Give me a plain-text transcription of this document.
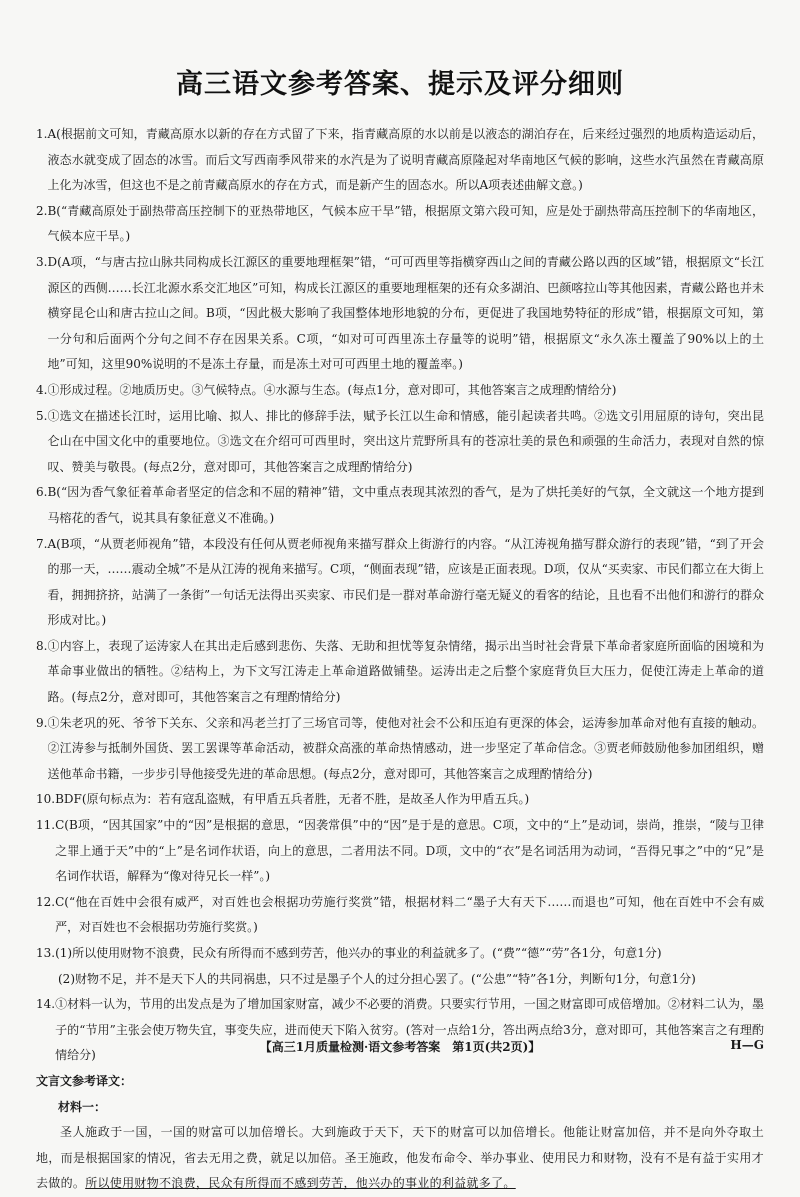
高三语文参考答案、提示及评分细则
1. A(根据前文可知，青藏高原水以新的存在方式留了下来，指青藏高原的水以前是以液态的湖泊存在，后来经过强烈的地质构造运动后，液态水就变成了固态的冰雪。而后文写西南季风带来的水汽是为了说明青藏高原隆起对华南地区气候的影响，这些水汽虽然在青藏高原上化为冰雪，但这也不是之前青藏高原水的存在方式，而是新产生的固态水。所以A项表述曲解文意。)
2. B(“青藏高原处于副热带高压控制下的亚热带地区，气候本应干旱”错，根据原文第六段可知，应是处于副热带高压控制下的华南地区，气候本应干旱。)
3. D(A项，“与唐古拉山脉共同构成长江源区的重要地理框架”错，“可可西里等指横穿西山之间的青藏公路以西的区域”错，根据原文“长江源区的西侧……长江北源水系交汇地区”可知，构成长江源区的重要地理框架的还有众多湖泊、巴颜喀拉山等其他因素，青藏公路也并未横穿昆仑山和唐古拉山之间。B项，“因此极大影响了我国整体地形地貌的分布，更促进了我国地势特征的形成”错，根据原文可知，第一分句和后面两个分句之间不存在因果关系。C项，“如对可可西里冻土存量等的说明”错，根据原文“永久冻土覆盖了90%以上的土地”可知，这里90%说明的不是冻土存量，而是冻土对可可西里土地的覆盖率。)
4. ①形成过程。②地质历史。③气候特点。④水源与生态。(每点1分，意对即可，其他答案言之成理酌情给分)
5. ①选文在描述长江时，运用比喻、拟人、排比的修辞手法，赋予长江以生命和情感，能引起读者共鸣。②选文引用屈原的诗句，突出昆仑山在中国文化中的重要地位。③选文在介绍可可西里时，突出这片荒野所具有的苍凉壮美的景色和顽强的生命活力，表现对自然的惊叹、赞美与敬畏。(每点2分，意对即可，其他答案言之成理酌情给分)
6. B(“因为香气象征着革命者坚定的信念和不屈的精神”错，文中重点表现其浓烈的香气，是为了烘托美好的气氛，全文就这一个地方提到马榕花的香气，说其具有象征意义不准确。)
7. A(B项，“从贾老师视角”错，本段没有任何从贾老师视角来描写群众上街游行的内容。“从江涛视角描写群众游行的表现”错，“到了开会的那一天，……震动全城”不是从江涛的视角来描写。C项，“侧面表现”错，应该是正面表现。D项，仅从“买卖家、市民们都立在大街上看，拥拥挤挤，站满了一条街”一句话无法得出买卖家、市民们是一群对革命游行毫无疑义的看客的结论，且也看不出他们和游行的群众形成对比。)
8. ①内容上，表现了运涛家人在其出走后感到悲伤、失落、无助和担忧等复杂情绪，揭示出当时社会背景下革命者家庭所面临的困境和为革命事业做出的牺牲。②结构上，为下文写江涛走上革命道路做铺垫。运涛出走之后整个家庭背负巨大压力，促使江涛走上革命的道路。(每点2分，意对即可，其他答案言之有理酌情给分)
9. ①朱老巩的死、爷爷下关东、父亲和冯老兰打了三场官司等，使他对社会不公和压迫有更深的体会，运涛参加革命对他有直接的触动。②江涛参与抵制外国货、罢工罢课等革命活动，被群众高涨的革命热情感动，进一步坚定了革命信念。③贾老师鼓励他参加团组织，赠送他革命书籍，一步步引导他接受先进的革命思想。(每点2分，意对即可，其他答案言之成理酌情给分)
10. BDF(原句标点为：若有寇乱盗贼，有甲盾五兵者胜，无者不胜，是故圣人作为甲盾五兵。)
11. C(B项，“因其国家”中的“因”是根据的意思，“因袭常俱”中的“因”是于是的意思。C项，文中的“上”是动词，崇尚，推崇，“陵与卫律之罪上通于天”中的“上”是名词作状语，向上的意思，二者用法不同。D项，文中的“衣”是名词活用为动词，“吾得兄事之”中的“兄”是名词作状语，解释为“像对待兄长一样”。)
12. C(“他在百姓中会很有威严，对百姓也会根据功劳施行奖赏”错，根据材料二“墨子大有天下……而退也”可知，他在百姓中不会有威严，对百姓也不会根据功劳施行奖赏。)
13. (1)所以使用财物不浪费，民众有所得而不感到劳苦，他兴办的事业的利益就多了。(“费”“德”“劳”各1分，句意1分)
(2)财物不足，并不是天下人的共同祸患，只不过是墨子个人的过分担心罢了。(“公患”“特”各1分，判断句1分，句意1分)
14. ①材料一认为，节用的出发点是为了增加国家财富，减少不必要的消费。只要实行节用，一国之财富即可成倍增加。②材料二认为，墨子的“节用”主张会使万物失宜，事变失应，进而使天下陷入贫穷。(答对一点给1分，答出两点给3分，意对即可，其他答案言之有理酌情给分)
文言文参考译文：
材料一：
圣人施政于一国，一国的财富可以加倍增长。大到施政于天下，天下的财富可以加倍增长。他能让财富加倍，并不是向外夺取土地，而是根据国家的情况，省去无用之费，就足以加倍。圣王施政，他发布命令、举办事业、使用民力和财物，没有不是有益于实用才去做的。所以使用财物不浪费，民众有所得而不感到劳苦，他兴办的事业的利益就多了。
【高三1月质量检测·语文参考答案　第1页(共2页)】	H—G
